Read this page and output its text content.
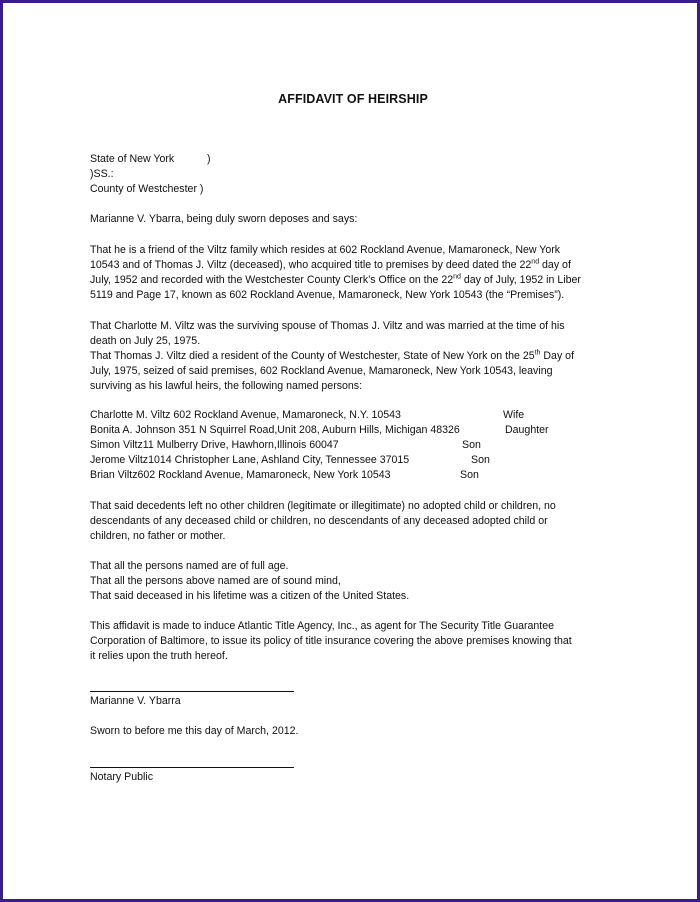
AFFIDAVIT OF HEIRSHIP
State of New York	)
)SS.:
County of Westchester )
Marianne V. Ybarra, being duly sworn deposes and says:
That he is a friend of the Viltz family which resides at 602 Rockland Avenue, Mamaroneck, New York
10543 and of Thomas J. Viltz (deceased), who acquired title to premises by deed dated the 22nd day of
July, 1952 and recorded with the Westchester County Clerk’s Office on the 22nd day of July, 1952 in Liber
5119 and Page 17, known as 602 Rockland Avenue, Mamaroneck, New York 10543 (the “Premises”).
That Charlotte M. Viltz was the surviving spouse of Thomas J. Viltz and was married at the time of his
death on July 25, 1975.
That Thomas J. Viltz died a resident of the County of Westchester, State of New York on the 25th Day of
July, 1975, seized of said premises, 602 Rockland Avenue, Mamaroneck, New York 10543, leaving
surviving as his lawful heirs, the following named persons:
Charlotte M. Viltz 602 Rockland Avenue, Mamaroneck, N.Y. 10543	Wife
Bonita A. Johnson 351 N Squirrel Road,Unit 208, Auburn Hills, Michigan 48326	Daughter
Simon Viltz11 Mulberry Drive, Hawhorn,Illinois 60047	Son
Jerome Viltz1014 Christopher Lane, Ashland City, Tennessee 37015	Son
Brian Viltz602 Rockland Avenue, Mamaroneck, New York 10543	Son
That said decedents left no other children (legitimate or illegitimate) no adopted child or children, no
descendants of any deceased child or children, no descendants of any deceased adopted child or
children, no father or mother.
That all the persons named are of full age.
That all the persons above named are of sound mind,
That said deceased in his lifetime was a citizen of the United States.
This affidavit is made to induce Atlantic Title Agency, Inc., as agent for The Security Title Guarantee
Corporation of Baltimore, to issue its policy of title insurance covering the above premises knowing that
it relies upon the truth hereof.
Marianne V. Ybarra
Sworn to before me this day of March, 2012.
Notary Public
